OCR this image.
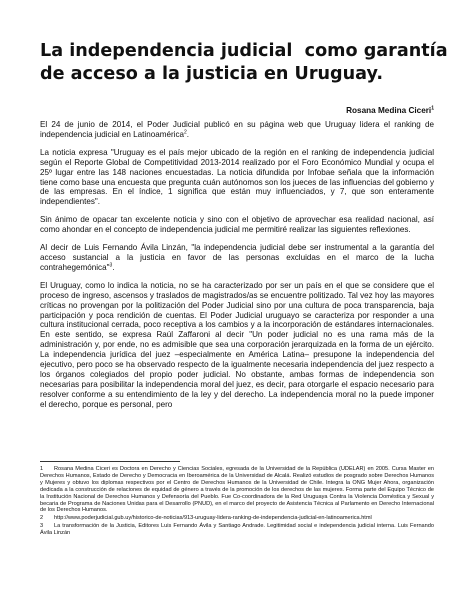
La independencia judicial  como garantía
de acceso a la justicia en Uruguay.
Rosana Medina Ciceri$^1$

El 24 de junio de 2014, el Poder Judicial publicó en su página web que Uruguay lidera el ranking de independencia judicial en Latinoamérica$^2$.

La noticia expresa "Uruguay es el país mejor ubicado de la región en el ranking de independencia judicial según el Reporte Global de Competitividad 2013-2014 realizado por el Foro Económico Mundial y ocupa el 25º lugar entre las 148 naciones encuestadas. La noticia difundida por Infobae señala que la información tiene como base una encuesta que pregunta cuán autónomos son los jueces de las influencias del gobierno y de las empresas. En el índice, 1 significa que están muy influenciados, y 7, que son enteramente independientes".

Sin ánimo de opacar tan excelente noticia y sino con el objetivo de aprovechar esa realidad nacional, así como ahondar en el concepto de independencia judicial me permitiré realizar las siguientes reflexiones.

Al decir de Luis Fernando Ávila Linzán, "la independencia judicial debe ser instrumental a la garantía del acceso sustancial a la justicia en favor de las personas excluidas en el marco de la lucha contrahegemónica"$^3$.

El Uruguay, como lo indica la noticia, no se ha caracterizado por ser un país en el que se considere que el proceso de ingreso, ascensos y traslados de magistrados/as se encuentre politizado. Tal vez hoy las mayores críticas no provengan por la politización del Poder Judicial sino por una cultura de poca transparencia, baja participación y poca rendición de cuentas. El Poder Judicial uruguayo se caracteriza por responder a una cultura institucional cerrada, poco receptiva a los cambios y a la incorporación de estándares internacionales. En este sentido, se expresa Raúl Zaffaroni al decir "Un poder judicial no es una rama más de la administración y, por ende, no es admisible que sea una corporación jerarquizada en la forma de un ejército. La independencia jurídica del juez –especialmente en América Latina– presupone la independencia del ejecutivo, pero poco se ha observado respecto de la igualmente necesaria independencia del juez respecto a los órganos colegiados del propio poder judicial. No obstante, ambas formas de independencia son necesarias para posibilitar la independencia moral del juez, es decir, para otorgarle el espacio necesario para resolver conforme a su entendimiento de la ley y del derecho. La independencia moral no la puede imponer el derecho, porque es personal, pero

1 Rosana Medina Ciceri es Doctora en Derecho y Ciencias Sociales, egresada de la Universidad de la República (UDELAR) en 2005. Cursa Master en Derechos Humanos, Estado de Derecho y Democracia en Iberoamérica de la Universidad de Alcalá. Realizó estudios de posgrado sobre Derechos Humanos y Mujeres y obtuvo los diplomas respectivos por el Centro de Derechos Humanos de la Universidad de Chile. Integra la ONG Mujer Ahora, organización dedicada a la construcción de relaciones de equidad de género a través de la promoción de los derechos de las mujeres. Forma parte del Equipo Técnico de la Institución Nacional de Derechos Humanos y Defensoría del Pueblo. Fue Co-coordinadora de la Red Uruguaya Contra la Violencia Doméstica y Sexual y becaria de Programa de Naciones Unidas para el Desarrollo (PNUD), en el marco del proyecto de Asistencia Técnica al Parlamento en Derecho Internacional de los Derechos Humanos.

2 http://www.poderjudicial.gub.uy/historico-de-noticias/913-uruguay-lidera-ranking-de-independencia-judicial-en-latinoamerica.html

3 La transformación de la Justicia, Editores Luis Fernando Ávila y Santiago Andrade. Legitimidad social e independencia judicial interna. Luis Fernando Ávila Linzán
